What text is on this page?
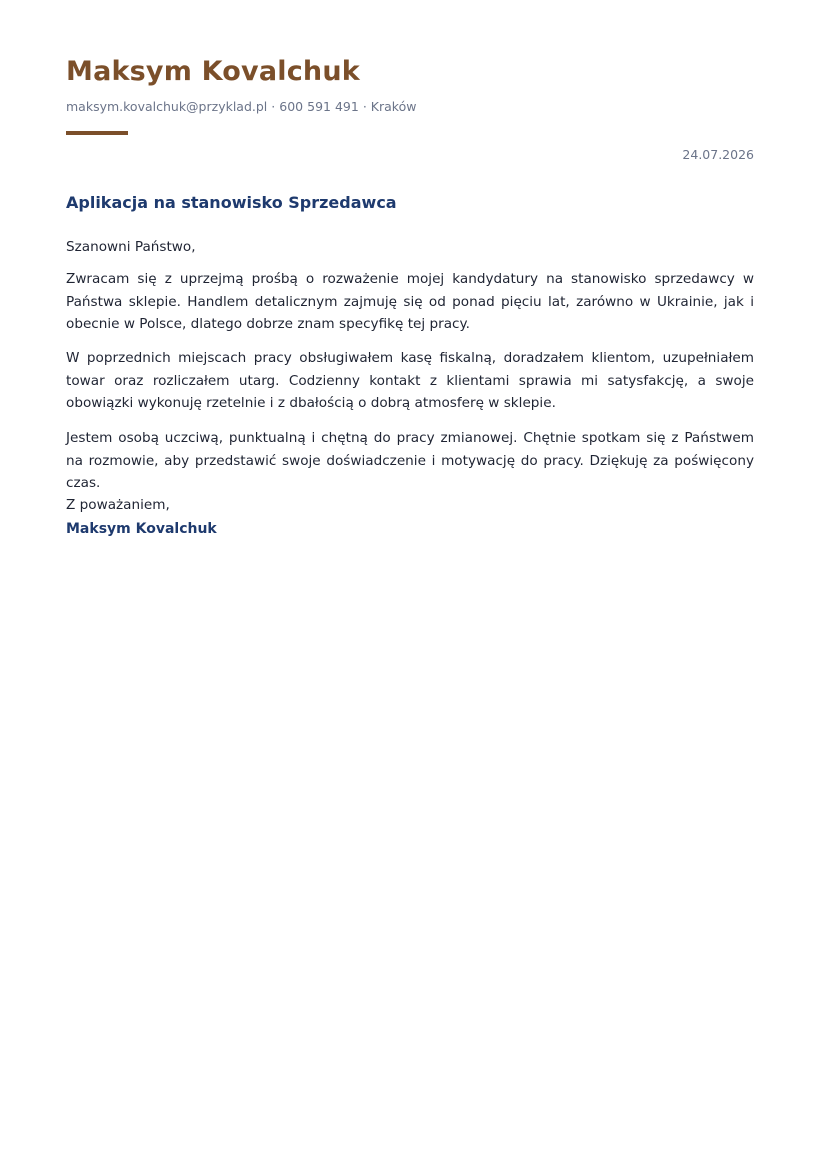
Maksym Kovalchuk
maksym.kovalchuk@przyklad.pl · 600 591 491 · Kraków
24.07.2026
Aplikacja na stanowisko Sprzedawca
Szanowni Państwo,

Zwracam się z uprzejmą prośbą o rozważenie mojej kandydatury na stanowisko sprzedawcy w Państwa sklepie. Handlem detalicznym zajmuję się od ponad pięciu lat, zarówno w Ukrainie, jak i obecnie w Polsce, dlatego dobrze znam specyfikę tej pracy.

W poprzednich miejscach pracy obsługiwałem kasę fiskalną, doradzałem klientom, uzupełniałem towar oraz rozliczałem utarg. Codzienny kontakt z klientami sprawia mi satysfakcję, a swoje obowiązki wykonuję rzetelnie i z dbałością o dobrą atmosferę w sklepie.

Jestem osobą uczciwą, punktualną i chętną do pracy zmianowej. Chętnie spotkam się z Państwem na rozmowie, aby przedstawić swoje doświadczenie i motywację do pracy. Dziękuję za poświęcony czas.

Z poważaniem,
Maksym Kovalchuk
